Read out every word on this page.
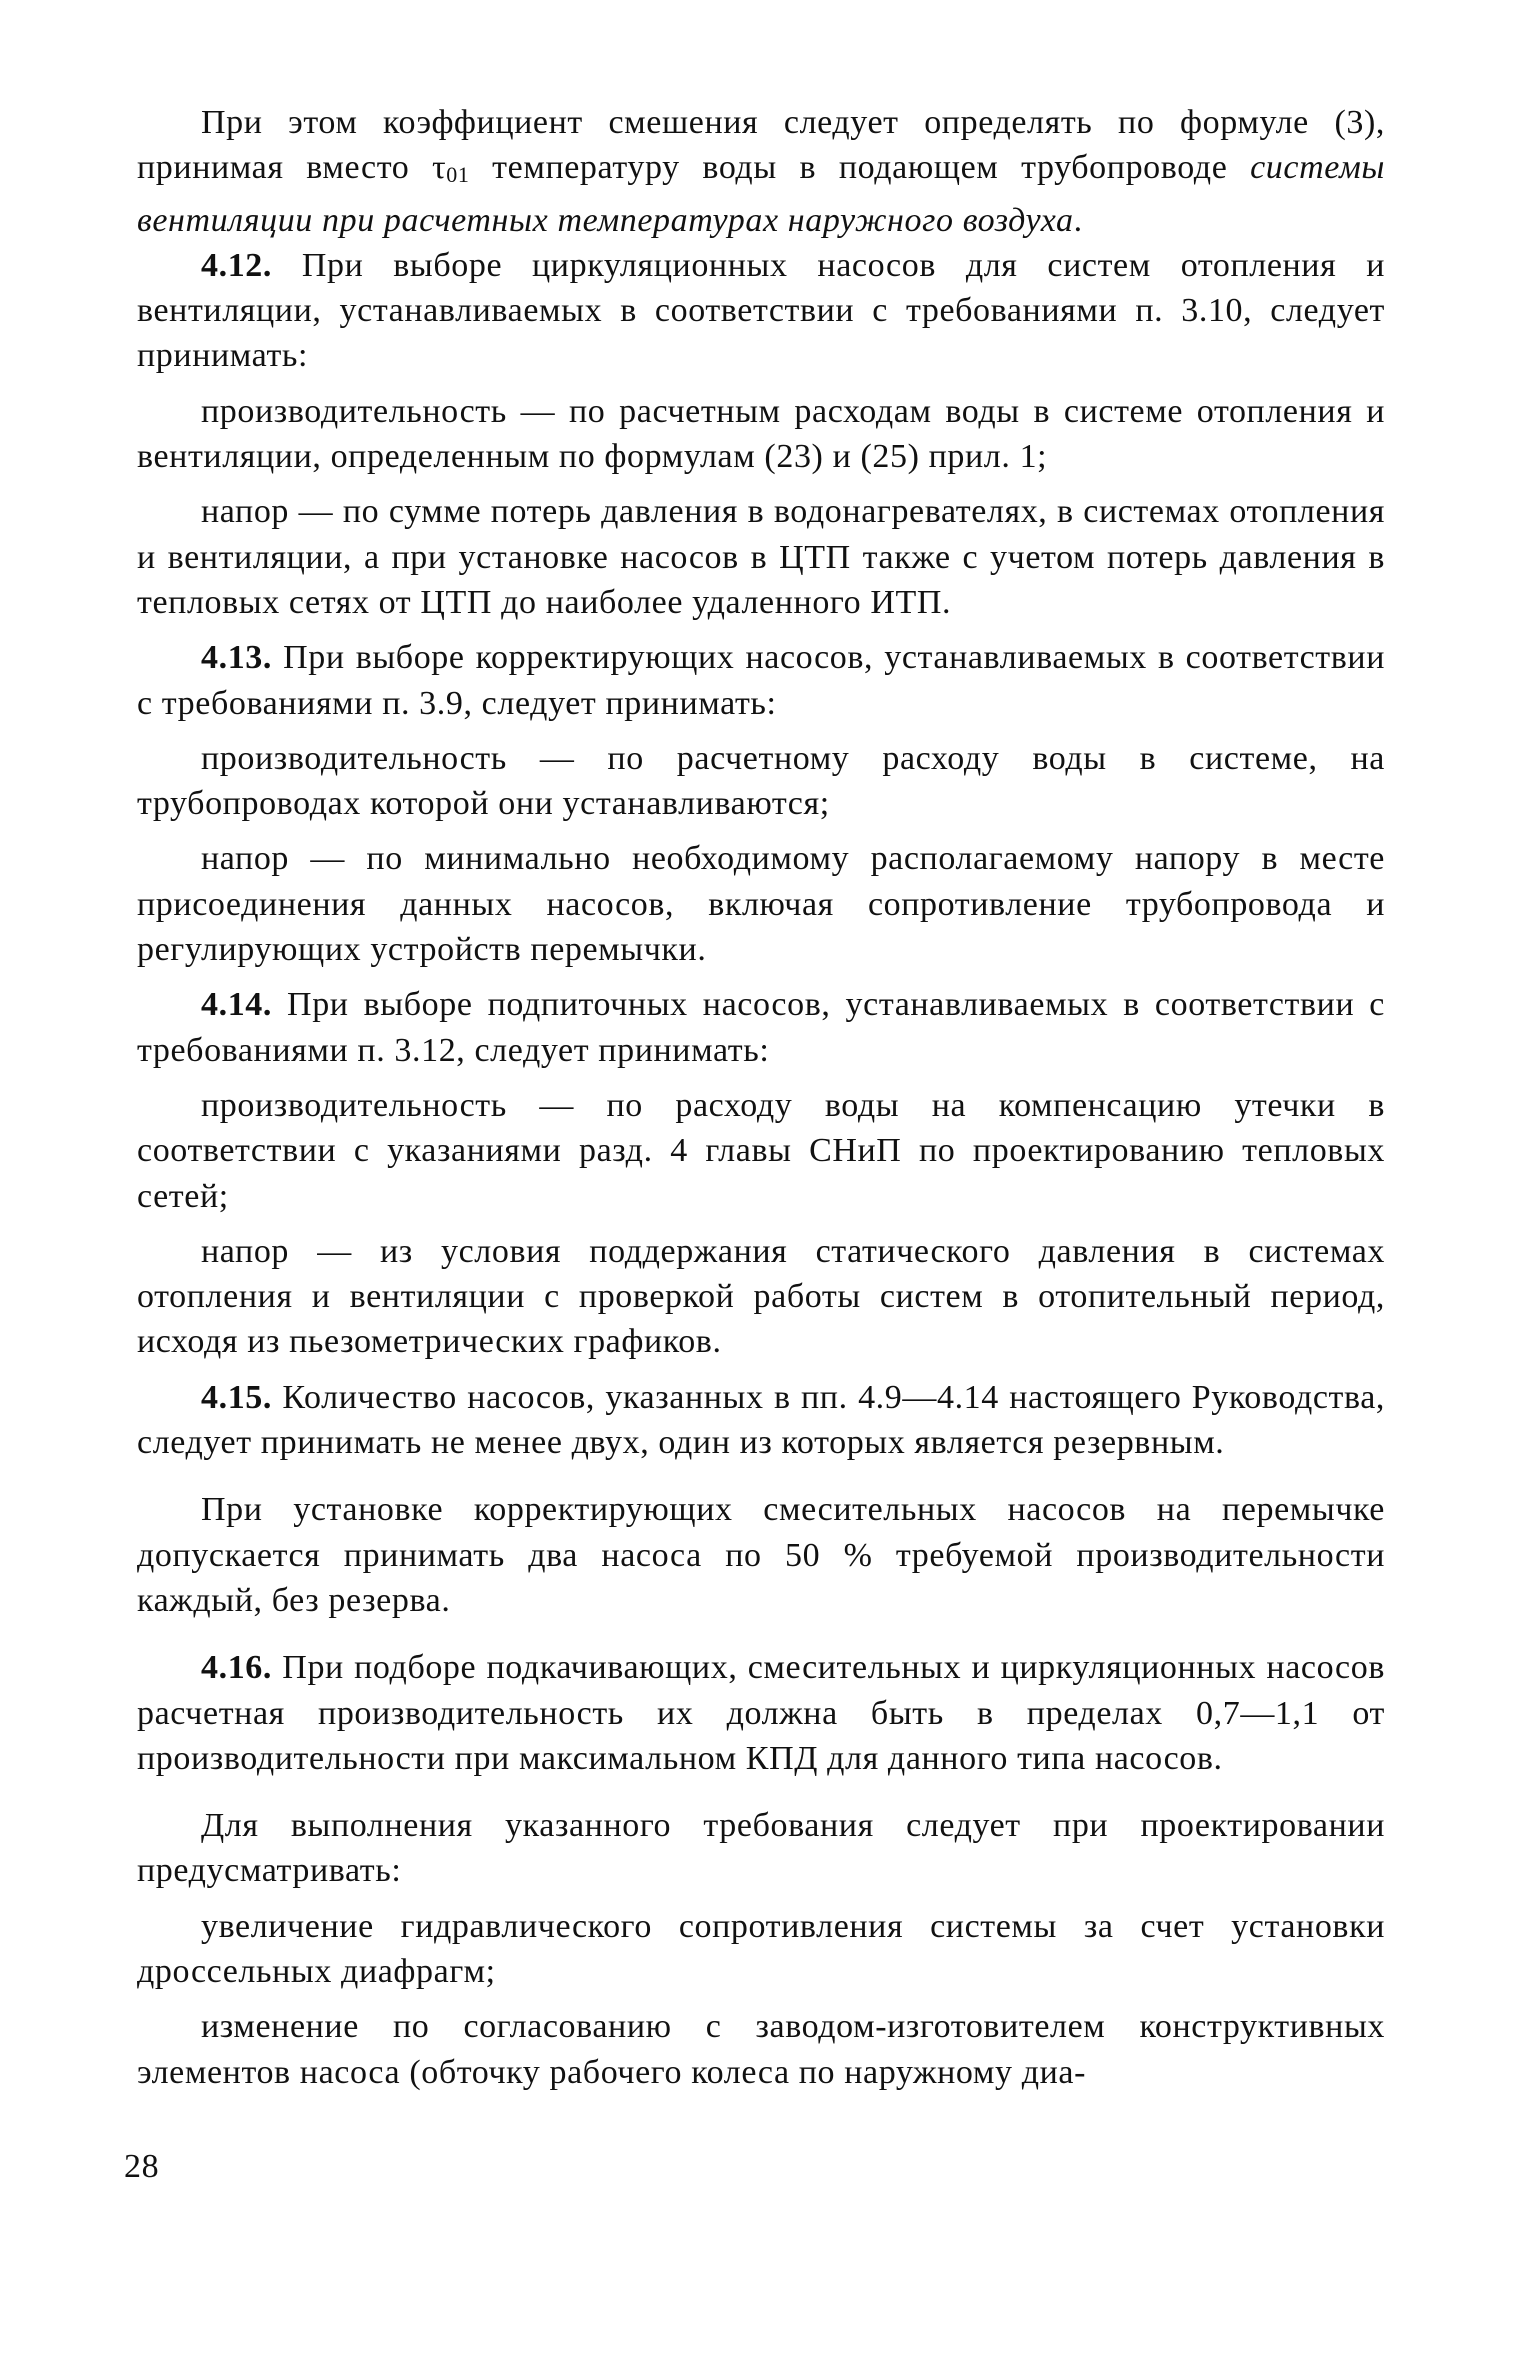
При этом коэффициент смешения следует определять по формуле (3), принимая вместо τ01 температуру воды в подающем трубопроводе системы вентиляции при расчетных температурах наружного воздуха.

4.12. При выборе циркуляционных насосов для систем отопления и вентиляции, устанавливаемых в соответствии с требованиями п. 3.10, следует принимать:

производительность — по расчетным расходам воды в системе отопления и вентиляции, определенным по формулам (23) и (25) прил. 1;

напор — по сумме потерь давления в водонагревателях, в системах отопления и вентиляции, а при установке насосов в ЦТП также с учетом потерь давления в тепловых сетях от ЦТП до наиболее удаленного ИТП.

4.13. При выборе корректирующих насосов, устанавливаемых в соответствии с требованиями п. 3.9, следует принимать:

производительность — по расчетному расходу воды в системе, на трубопроводах которой они устанавливаются;

напор — по минимально необходимому располагаемому напору в месте присоединения данных насосов, включая сопротивление трубопровода и регулирующих устройств перемычки.

4.14. При выборе подпиточных насосов, устанавливаемых в соответствии с требованиями п. 3.12, следует принимать:

производительность — по расходу воды на компенсацию утечки в соответствии с указаниями разд. 4 главы СНиП по проектированию тепловых сетей;

напор — из условия поддержания статического давления в системах отопления и вентиляции с проверкой работы систем в отопительный период, исходя из пьезометрических графиков.

4.15. Количество насосов, указанных в пп. 4.9—4.14 настоящего Руководства, следует принимать не менее двух, один из которых является резервным.

При установке корректирующих смесительных насосов на перемычке допускается принимать два насоса по 50 % требуемой производительности каждый, без резерва.

4.16. При подборе подкачивающих, смесительных и циркуляционных насосов расчетная производительность их должна быть в пределах 0,7—1,1 от производительности при максимальном КПД для данного типа насосов.

Для выполнения указанного требования следует при проектировании предусматривать:

увеличение гидравлического сопротивления системы за счет установки дроссельных диафрагм;

изменение по согласованию с заводом-изготовителем конструктивных элементов насоса (обточку рабочего колеса по наружному диа-

28
